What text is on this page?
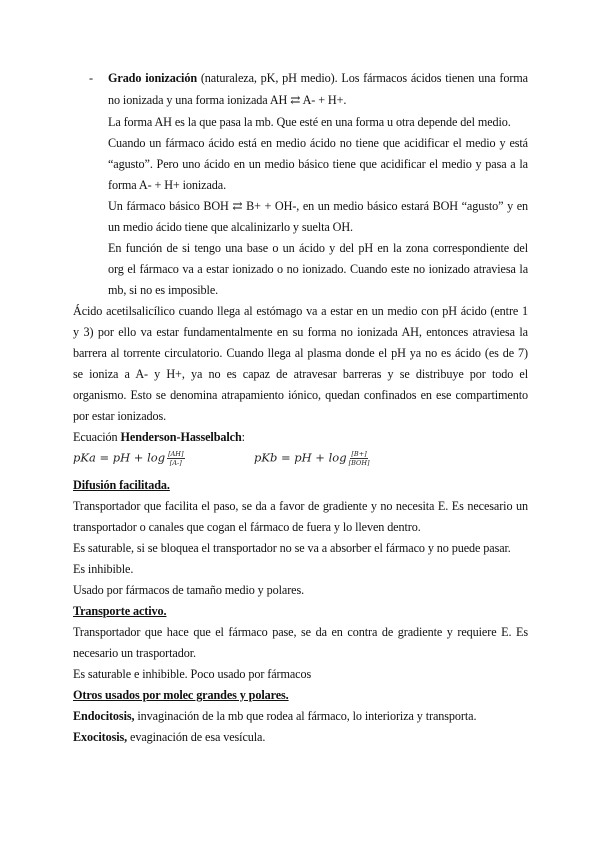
- Grado ionización (naturaleza, pK, pH medio). Los fármacos ácidos tienen una forma
no ionizada y una forma ionizada AH ⇄ A- + H+.
La forma AH es la que pasa la mb. Que esté en una forma u otra depende del medio.
Cuando un fármaco ácido está en medio ácido no tiene que acidificar el medio y está
“agusto”. Pero uno ácido en un medio básico tiene que acidificar el medio y pasa a la
forma A- + H+ ionizada.
Un fármaco básico BOH ⇄ B+ + OH-, en un medio básico estará BOH “agusto” y en
un medio ácido tiene que alcalinizarlo y suelta OH.
En función de si tengo una base o un ácido y del pH en la zona correspondiente del
org el fármaco va a estar ionizado o no ionizado. Cuando este no ionizado atraviesa la
mb, si no es imposible.
Ácido acetilsalicílico cuando llega al estómago va a estar en un medio con pH ácido (entre 1
y 3) por ello va estar fundamentalmente en su forma no ionizada AH, entonces atraviesa la
barrera al torrente circulatorio. Cuando llega al plasma donde el pH ya no es ácido (es de 7)
se ioniza a A- y H+, ya no es capaz de atravesar barreras y se distribuye por todo el
organismo. Esto se denomina atrapamiento iónico, quedan confinados en ese compartimento
por estar ionizados.
Ecuación Henderson-Hasselbalch:
pKa = pH + $\log \frac{[AH]}{[A-]}$	pKb = pH + $\log \frac{[B+]}{\text{[BOH]}}$
Difusión facilitada.
Transportador que facilita el paso, se da a favor de gradiente y no necesita E. Es necesario un
transportador o canales que cogan el fármaco de fuera y lo lleven dentro.
Es saturable, si se bloquea el transportador no se va a absorber el fármaco y no puede pasar.
Es inhibible.
Usado por fármacos de tamaño medio y polares.
Transporte activo.
Transportador que hace que el fármaco pase, se da en contra de gradiente y requiere E. Es
necesario un trasportador.
Es saturable e inhibible. Poco usado por fármacos
Otros usados por molec grandes y polares.
Endocitosis, invaginación de la mb que rodea al fármaco, lo interioriza y transporta.
Exocitosis, evaginación de esa vesícula.
